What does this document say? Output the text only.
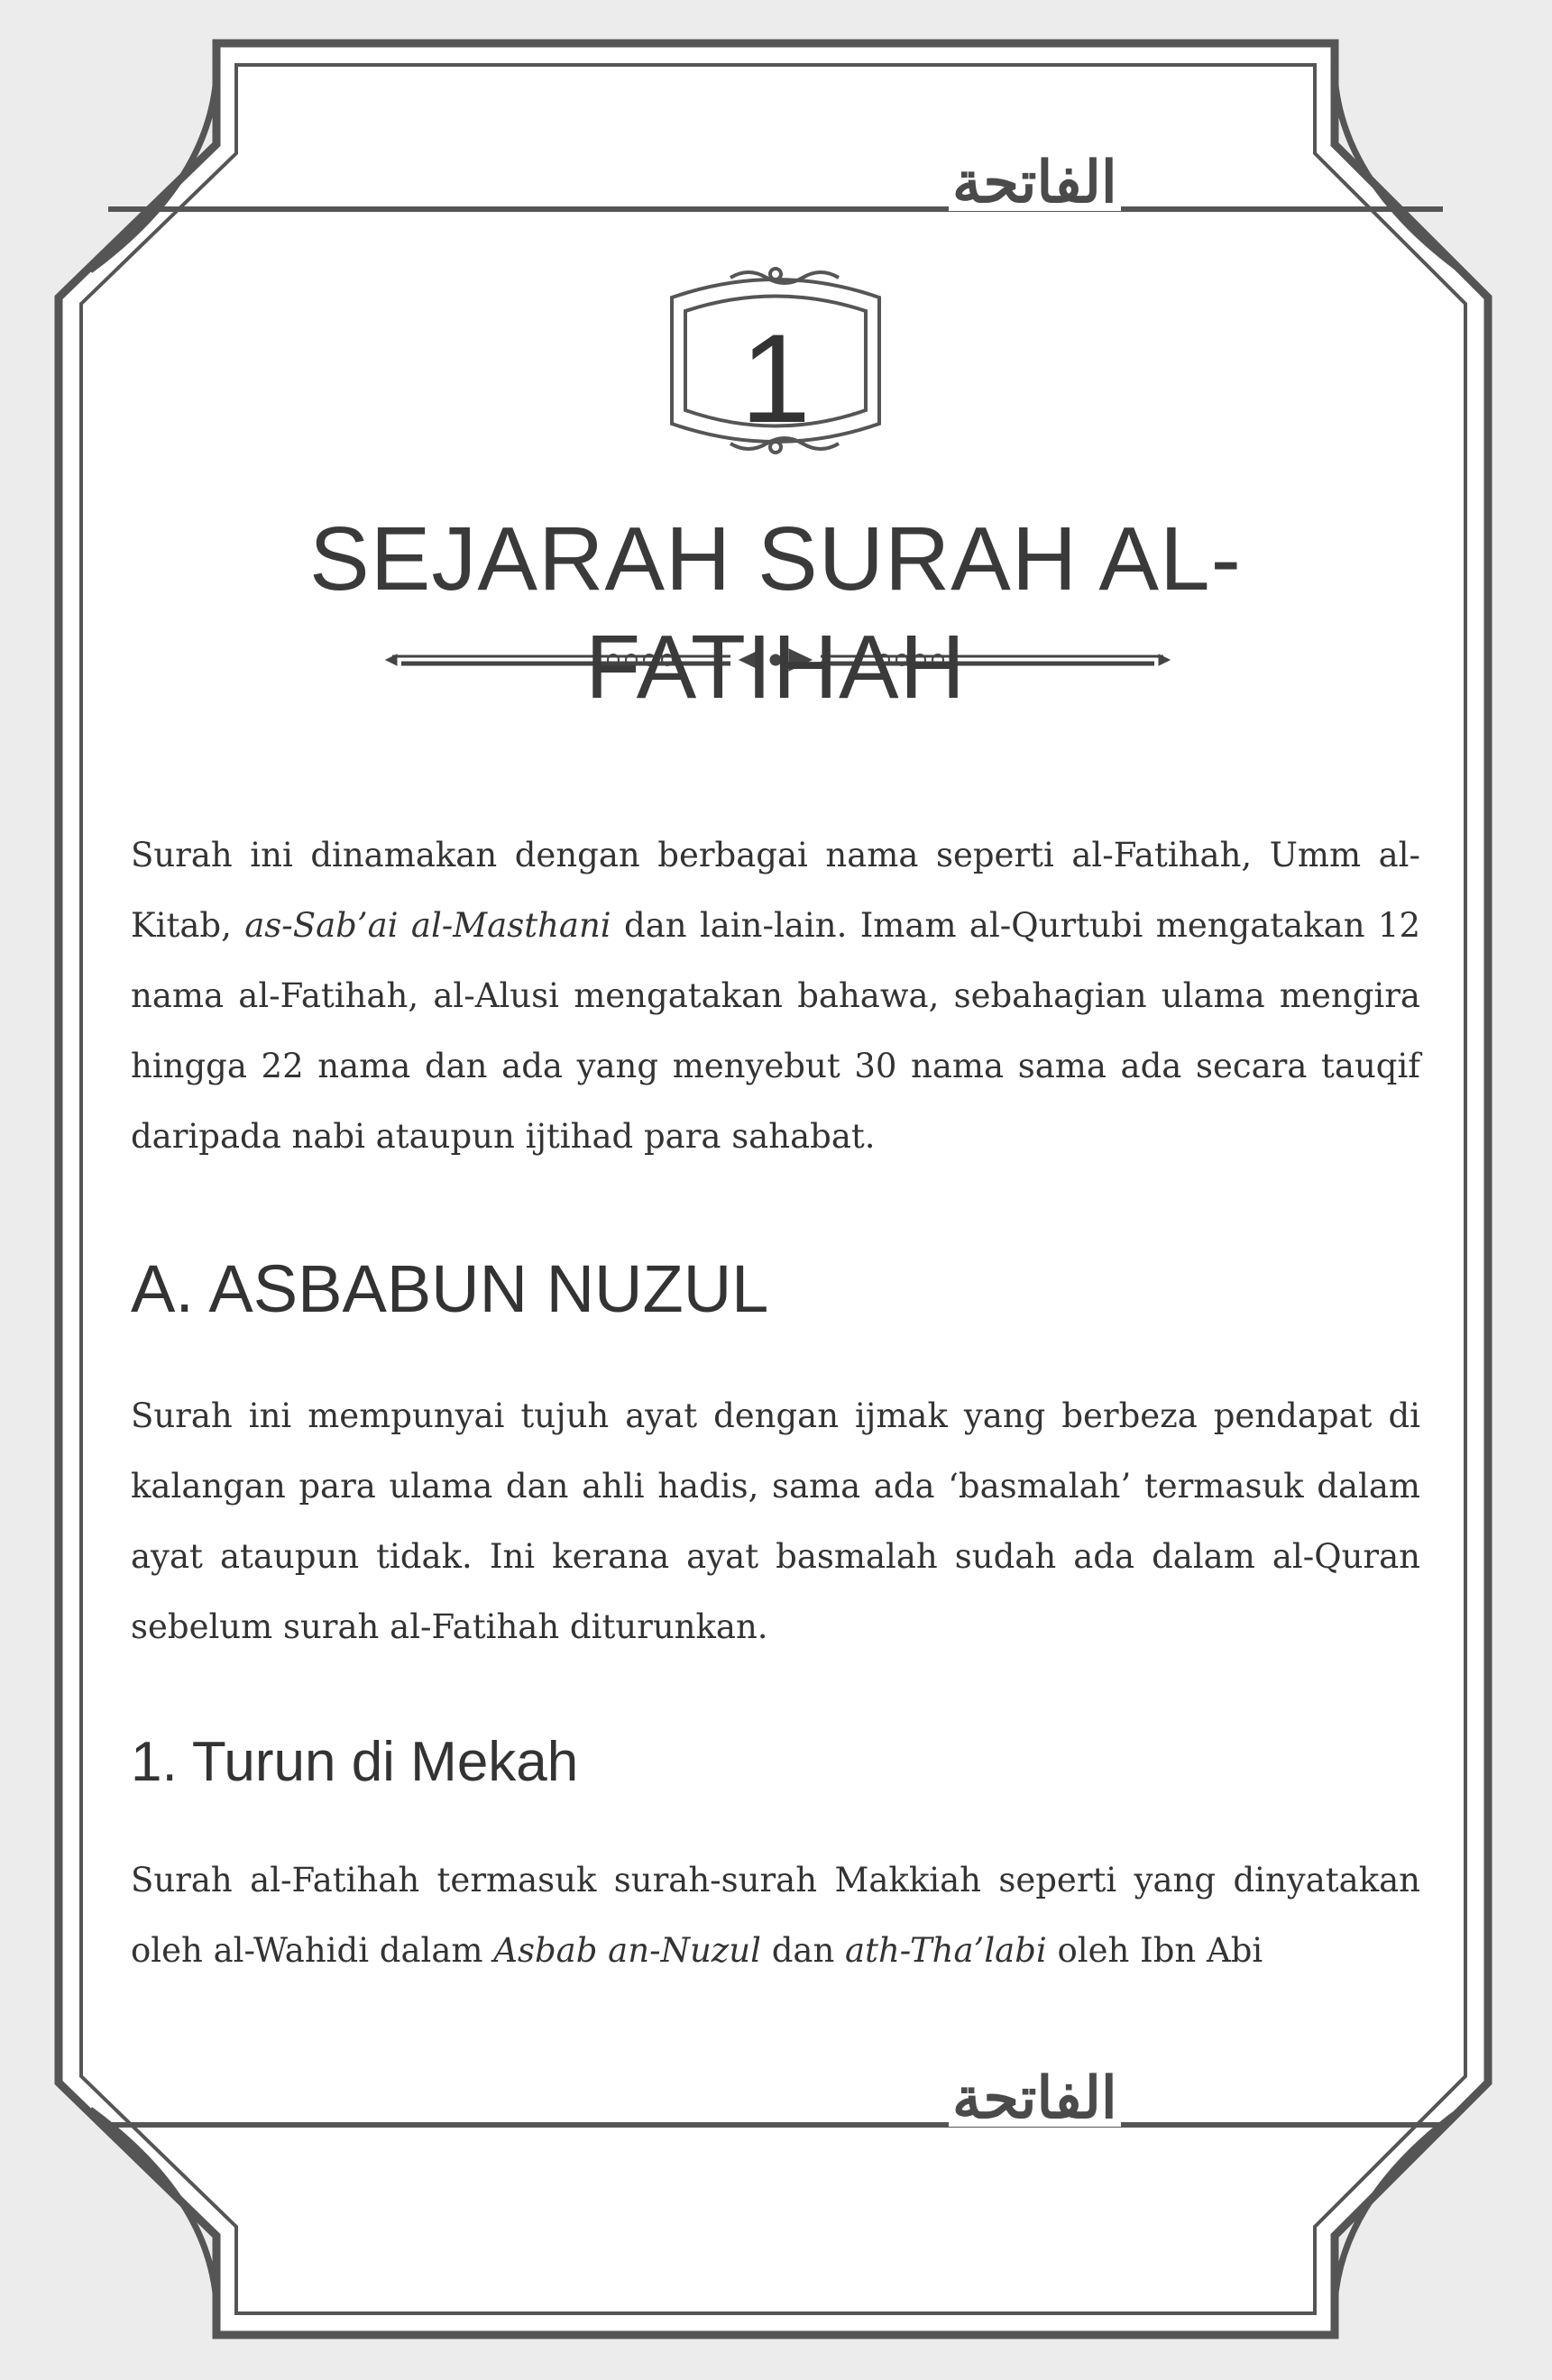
الفاتحة
الفاتحة
1
SEJARAH SURAH AL-FATIHAH

Surah ini dinamakan dengan berbagai nama seperti al-Fatihah, Umm al-Kitab, as-Sab’ai al-Masthani dan lain-lain. Imam al-Qurtubi mengatakan 12 nama al-Fatihah, al-Alusi mengatakan bahawa, sebahagian ulama mengira hingga 22 nama dan ada yang menyebut 30 nama sama ada secara tauqif daripada nabi ataupun ijtihad para sahabat.

A. ASBABUN NUZUL

Surah ini mempunyai tujuh ayat dengan ijmak yang berbeza pendapat di kalangan para ulama dan ahli hadis, sama ada ‘basmalah’ termasuk dalam ayat ataupun tidak. Ini kerana ayat basmalah sudah ada dalam al-Quran sebelum surah al-Fatihah diturunkan.

1. Turun di Mekah

Surah al-Fatihah termasuk surah-surah Makkiah seperti yang dinyatakan oleh al-Wahidi dalam Asbab an-Nuzul dan ath-Tha’labi oleh Ibn Abi
